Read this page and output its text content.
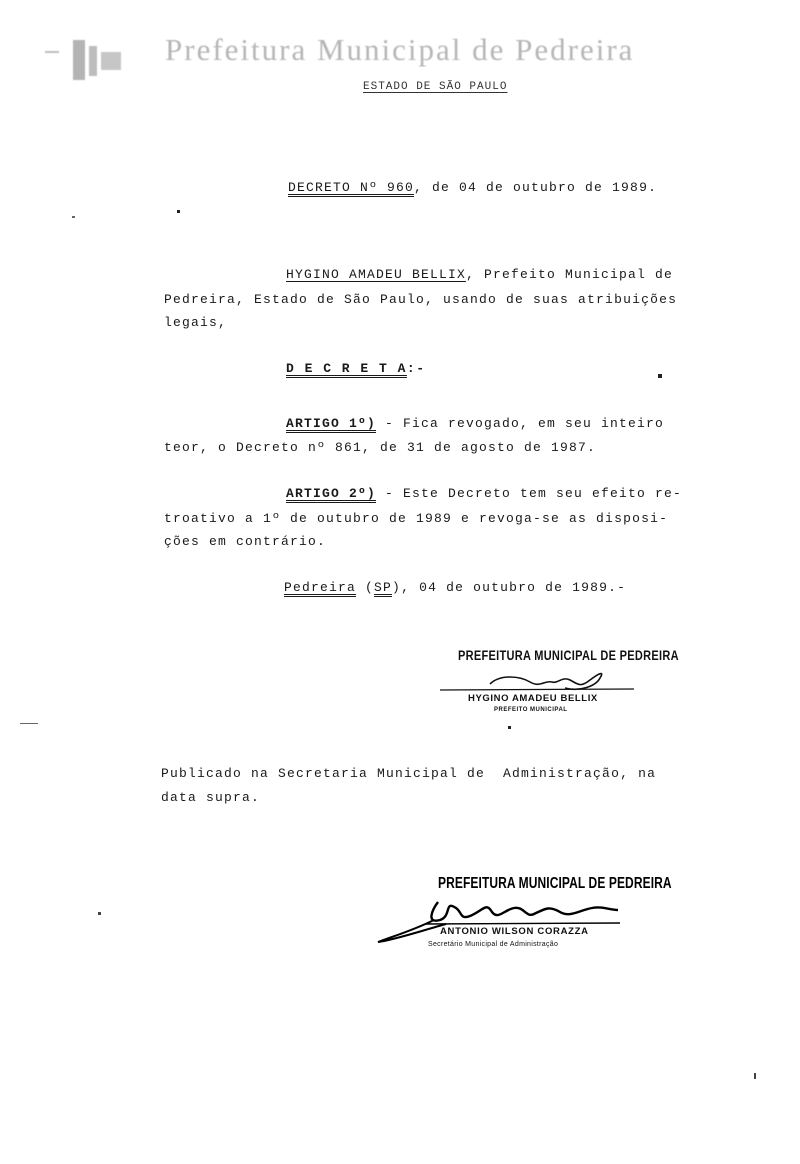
Prefeitura Municipal de Pedreira
ESTADO DE SÃO PAULO
DECRETO Nº 960, de 04 de outubro de 1989.
HYGINO AMADEU BELLIX, Prefeito Municipal de
Pedreira, Estado de São Paulo, usando de suas atribuições
legais,
D E C R E T A:-
ARTIGO 1º) - Fica revogado, em seu inteiro
teor, o Decreto nº 861, de 31 de agosto de 1987.
ARTIGO 2º) - Este Decreto tem seu efeito re-
troativo a 1º de outubro de 1989 e revoga-se as disposi-
ções em contrário.
Pedreira (SP), 04 de outubro de 1989.-
PREFEITURA MUNICIPAL DE PEDREIRA
HYGINO AMADEU BELLIX
PREFEITO MUNICIPAL
Publicado na Secretaria Municipal de  Administração, na
data supra.
PREFEITURA MUNICIPAL DE PEDREIRA
ANTONIO WILSON CORAZZA
Secretário Municipal de Administração
